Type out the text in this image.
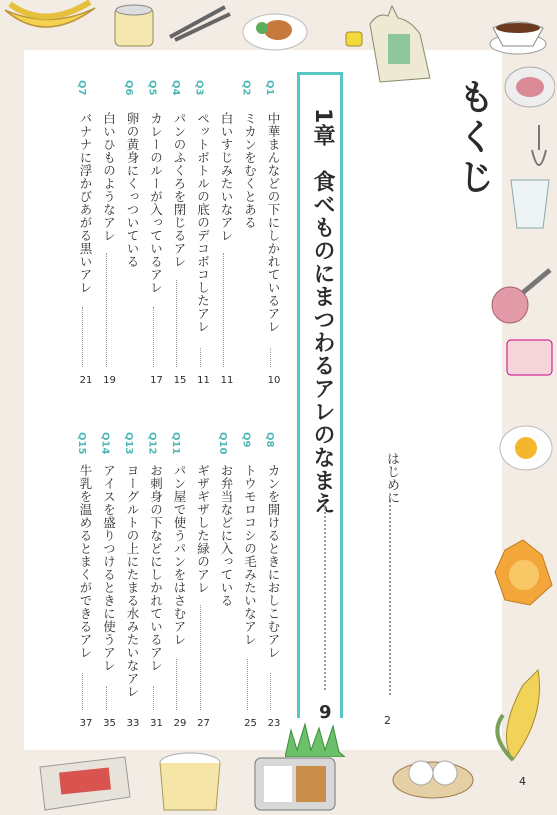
もくじ
はじめに
2
1章　食べものにまつわるアレのなまえ
9
Q1
中華まんなどの下にしかれているアレ
10
Q2
ミカンをむくとある
白いすじみたいなアレ
11
Q3
ペットボトルの底のデコボコしたアレ
11
Q4
パンのふくろを閉じるアレ
15
Q5
カレーのルーが入っているアレ
17
Q6
卵の黄身にくっついている
白いひものようなアレ
19
Q7
バナナに浮かびあがる黒いアレ
21
Q8
カンを開けるときにおしこむアレ
23
Q9
トウモロコシの毛みたいなアレ
25
Q10
お弁当などに入っている
ギザギザした緑のアレ
27
Q11
パン屋で使うパンをはさむアレ
29
Q12
お刺身の下などにしかれているアレ
31
Q13
ヨーグルトの上にたまる水みたいなアレ
33
Q14
アイスを盛りつけるときに使うアレ
35
Q15
牛乳を温めるとまくができるアレ
37
4
